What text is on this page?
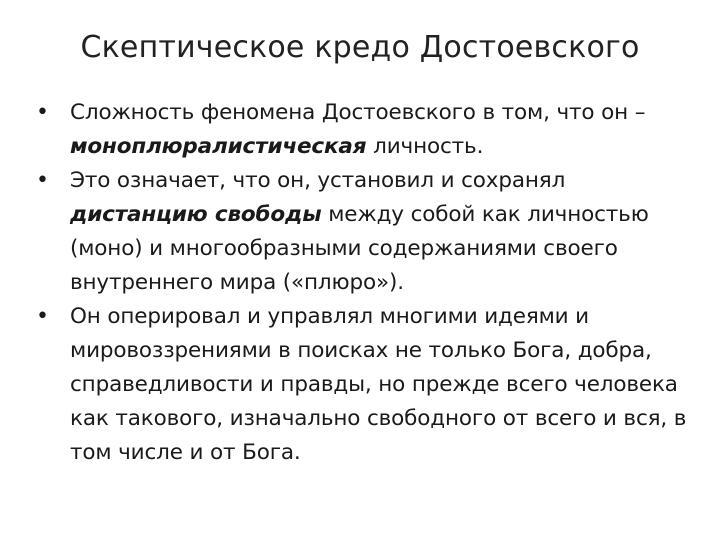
Скептическое кредо Достоевского
• Сложность феномена Достоевского в том, что он – моноплюралистическая личность.
• Это означает, что он, установил и сохранял дистанцию свободы между собой как личностью (моно) и многообразными содержаниями своего внутреннего мира («плюро»).
• Он оперировал и управлял многими идеями и мировоззрениями в поисках не только Бога, добра, справедливости и правды, но прежде всего человека как такового, изначально свободного от всего и вся, в том числе и от Бога.
